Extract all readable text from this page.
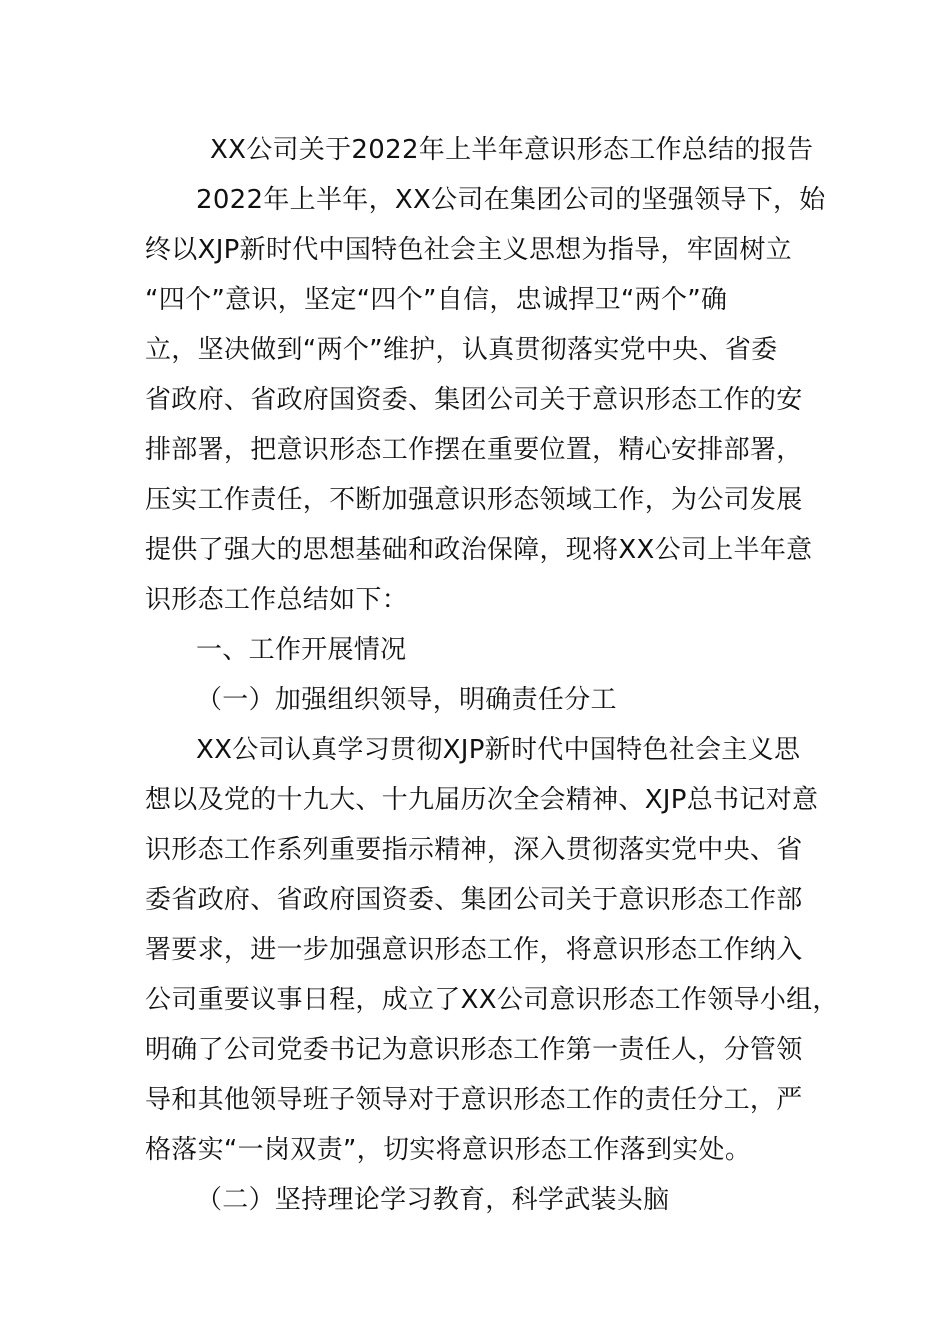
XX公司关于2022年上半年意识形态工作总结的报告

2022年上半年，XX公司在集团公司的坚强领导下，始

终以XJP新时代中国特色社会主义思想为指导，牢固树立

“四个”意识，坚定“四个”自信，忠诚捍卫“两个”确

立，坚决做到“两个”维护，认真贯彻落实党中央、省委

省政府、省政府国资委、集团公司关于意识形态工作的安

排部署，把意识形态工作摆在重要位置，精心安排部署，

压实工作责任，不断加强意识形态领域工作，为公司发展

提供了强大的思想基础和政治保障，现将XX公司上半年意

识形态工作总结如下：

一、工作开展情况

（一）加强组织领导，明确责任分工

XX公司认真学习贯彻XJP新时代中国特色社会主义思

想以及党的十九大、十九届历次全会精神、XJP总书记对意

识形态工作系列重要指示精神，深入贯彻落实党中央、省

委省政府、省政府国资委、集团公司关于意识形态工作部

署要求，进一步加强意识形态工作，将意识形态工作纳入

公司重要议事日程，成立了XX公司意识形态工作领导小组，

明确了公司党委书记为意识形态工作第一责任人，分管领

导和其他领导班子领导对于意识形态工作的责任分工，严

格落实“一岗双责”，切实将意识形态工作落到实处。

（二）坚持理论学习教育，科学武装头脑
